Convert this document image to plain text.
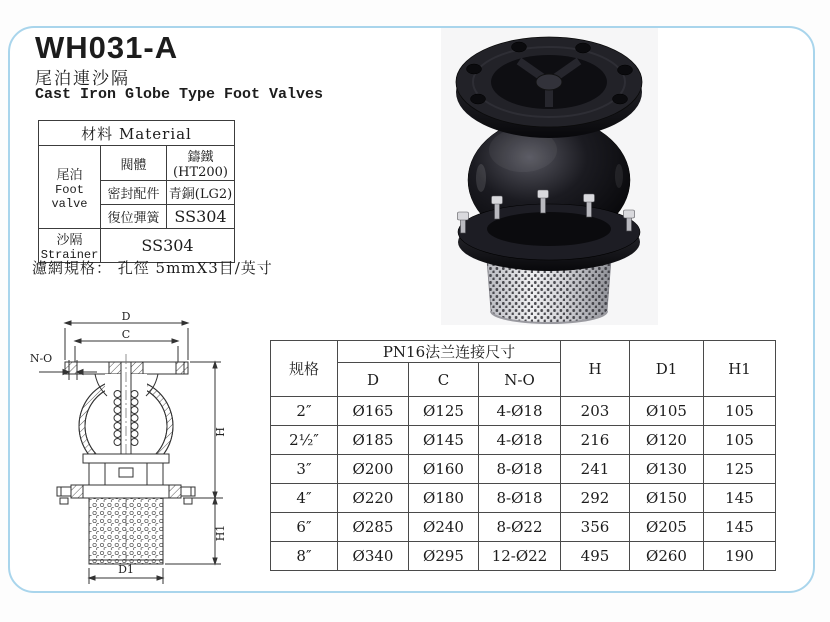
WH031-A
尾泊連沙隔
Cast Iron Globe Type Foot Valves
材料 Material		

尾泊
Foot
valve	閥體	鑄鐵(HT200)
	密封配件	青銅(LG2)
	復位彈簧	SS304

沙隔
Strainer	SS304	
濾網規格： 孔徑 5mmX3目/英寸
D
C
N-O
H
H1
D1
规格	PN16法兰连接尺寸			H	D1	H1
	D	C	N-O			
2″	Ø165	Ø125	4-Ø18	203	Ø105	105
2½″	Ø185	Ø145	4-Ø18	216	Ø120	105
3″	Ø200	Ø160	8-Ø18	241	Ø130	125
4″	Ø220	Ø180	8-Ø18	292	Ø150	145
6″	Ø285	Ø240	8-Ø22	356	Ø205	145
8″	Ø340	Ø295	12-Ø22	495	Ø260	190
